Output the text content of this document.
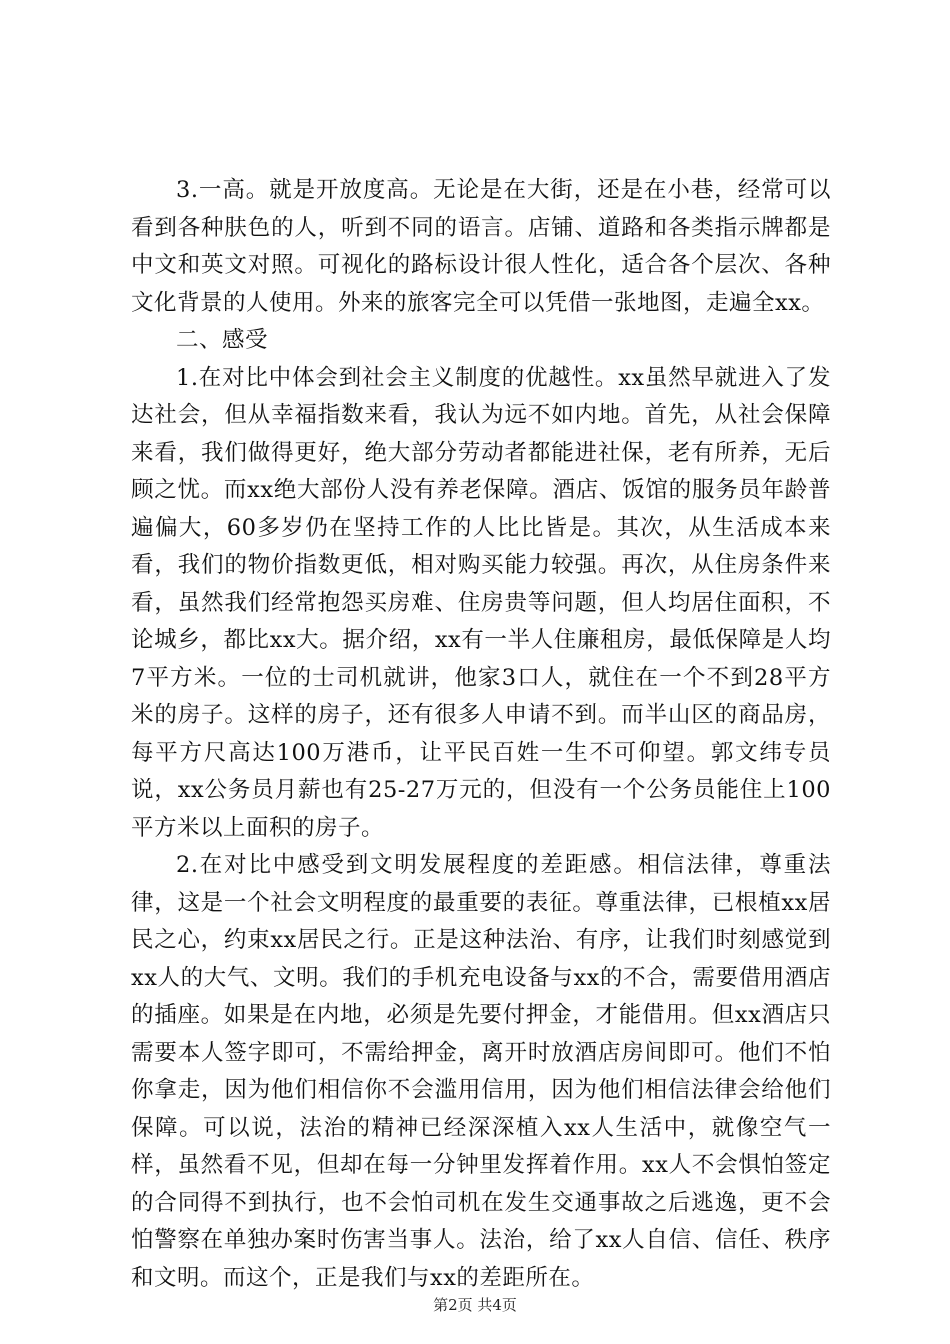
3.一高。就是开放度高。无论是在大街，还是在小巷，经常可以看到各种肤色的人，听到不同的语言。店铺、道路和各类指示牌都是中文和英文对照。可视化的路标设计很人性化，适合各个层次、各种文化背景的人使用。外来的旅客完全可以凭借一张地图，走遍全xx。

二、感受

1.在对比中体会到社会主义制度的优越性。xx虽然早就进入了发达社会，但从幸福指数来看，我认为远不如内地。首先，从社会保障来看，我们做得更好，绝大部分劳动者都能进社保，老有所养，无后顾之忧。而xx绝大部份人没有养老保障。酒店、饭馆的服务员年龄普遍偏大，60多岁仍在坚持工作的人比比皆是。其次，从生活成本来看，我们的物价指数更低，相对购买能力较强。再次，从住房条件来看，虽然我们经常抱怨买房难、住房贵等问题，但人均居住面积，不论城乡，都比xx大。据介绍，xx有一半人住廉租房，最低保障是人均7平方米。一位的士司机就讲，他家3口人，就住在一个不到28平方米的房子。这样的房子，还有很多人申请不到。而半山区的商品房，每平方尺高达100万港币，让平民百姓一生不可仰望。郭文纬专员说，xx公务员月薪也有25-27万元的，但没有一个公务员能住上100平方米以上面积的房子。

2.在对比中感受到文明发展程度的差距感。相信法律，尊重法律，这是一个社会文明程度的最重要的表征。尊重法律，已根植xx居民之心，约束xx居民之行。正是这种法治、有序，让我们时刻感觉到xx人的大气、文明。我们的手机充电设备与xx的不合，需要借用酒店的插座。如果是在内地，必须是先要付押金，才能借用。但xx酒店只需要本人签字即可，不需给押金，离开时放酒店房间即可。他们不怕你拿走，因为他们相信你不会滥用信用，因为他们相信法律会给他们保障。可以说，法治的精神已经深深植入xx人生活中，就像空气一样，虽然看不见，但却在每一分钟里发挥着作用。xx人不会惧怕签定的合同得不到执行，也不会怕司机在发生交通事故之后逃逸，更不会怕警察在单独办案时伤害当事人。法治，给了xx人自信、信任、秩序和文明。而这个，正是我们与xx的差距所在。

第2页 共4页
